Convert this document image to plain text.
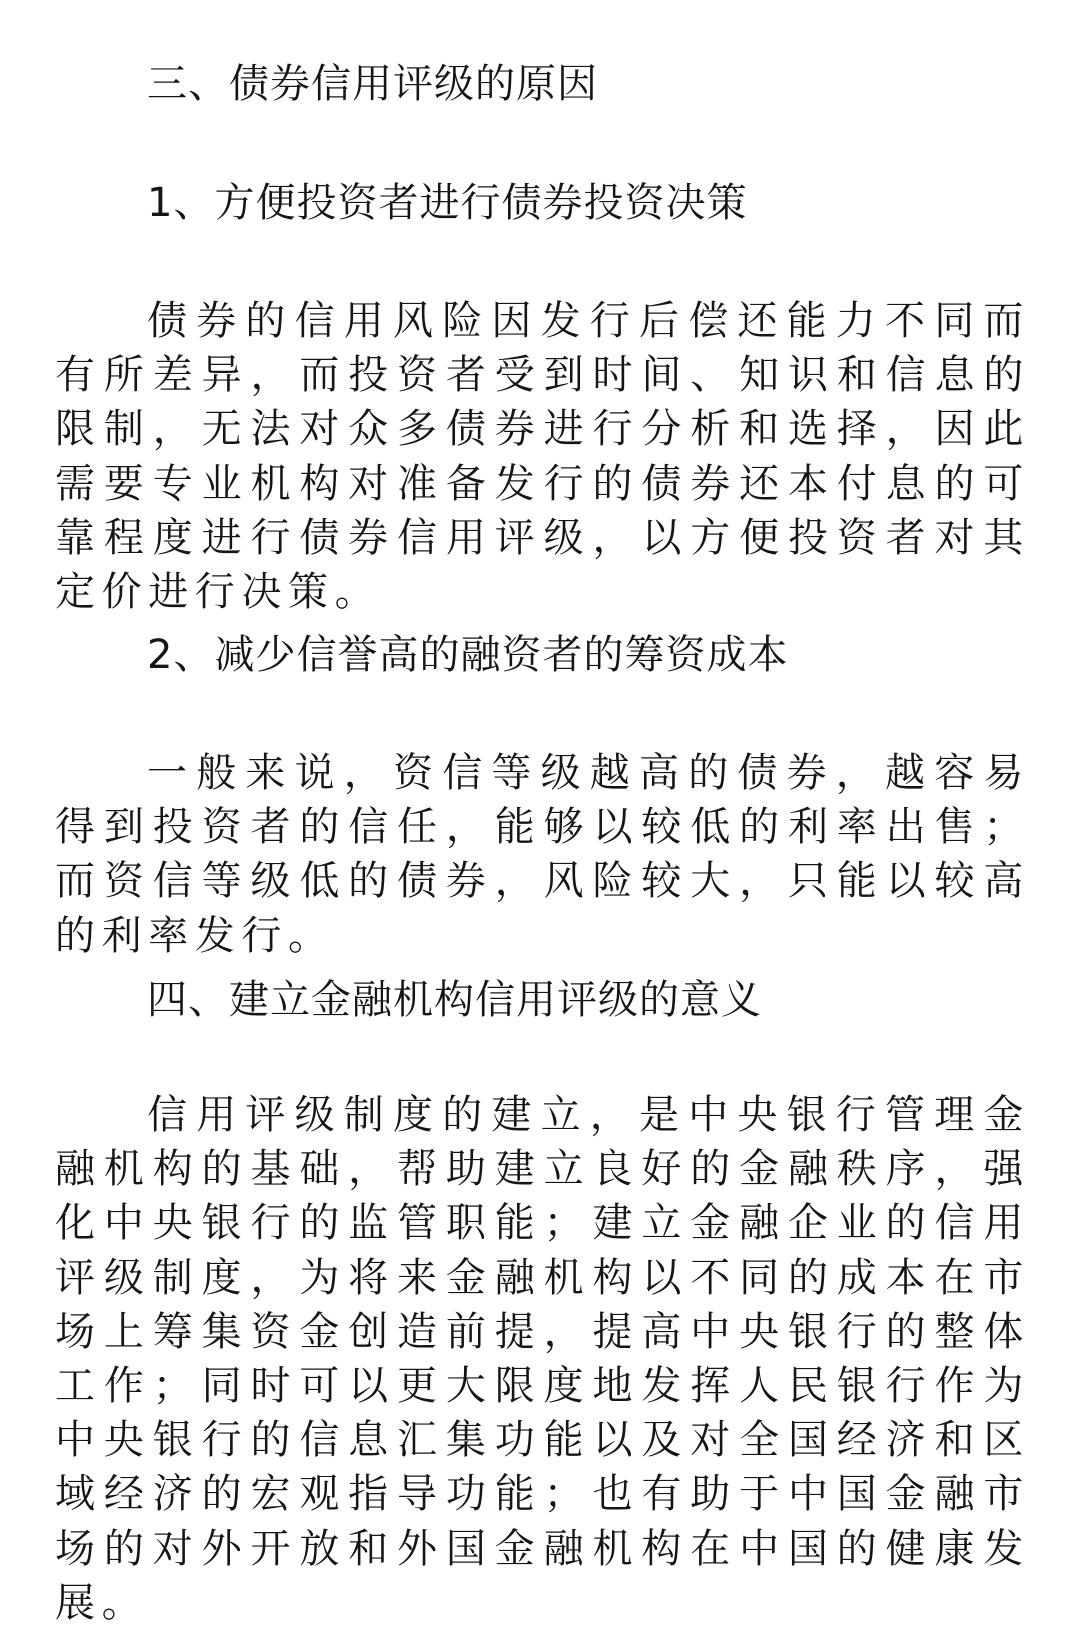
三、债券信用评级的原因
1、方便投资者进行债券投资决策

债券的信用风险因发行后偿还能力不同而有所差异，而投资者受到时间、知识和信息的限制，无法对众多债券进行分析和选择，因此需要专业机构对准备发行的债券还本付息的可靠程度进行债券信用评级，以方便投资者对其定价进行决策。

2、减少信誉高的融资者的筹资成本

一般来说，资信等级越高的债券，越容易得到投资者的信任，能够以较低的利率出售；而资信等级低的债券，风险较大，只能以较高的利率发行。

四、建立金融机构信用评级的意义

信用评级制度的建立，是中央银行管理金融机构的基础，帮助建立良好的金融秩序，强化中央银行的监管职能；建立金融企业的信用评级制度，为将来金融机构以不同的成本在市场上筹集资金创造前提，提高中央银行的整体工作；同时可以更大限度地发挥人民银行作为中央银行的信息汇集功能以及对全国经济和区域经济的宏观指导功能；也有助于中国金融市场的对外开放和外国金融机构在中国的健康发展。
